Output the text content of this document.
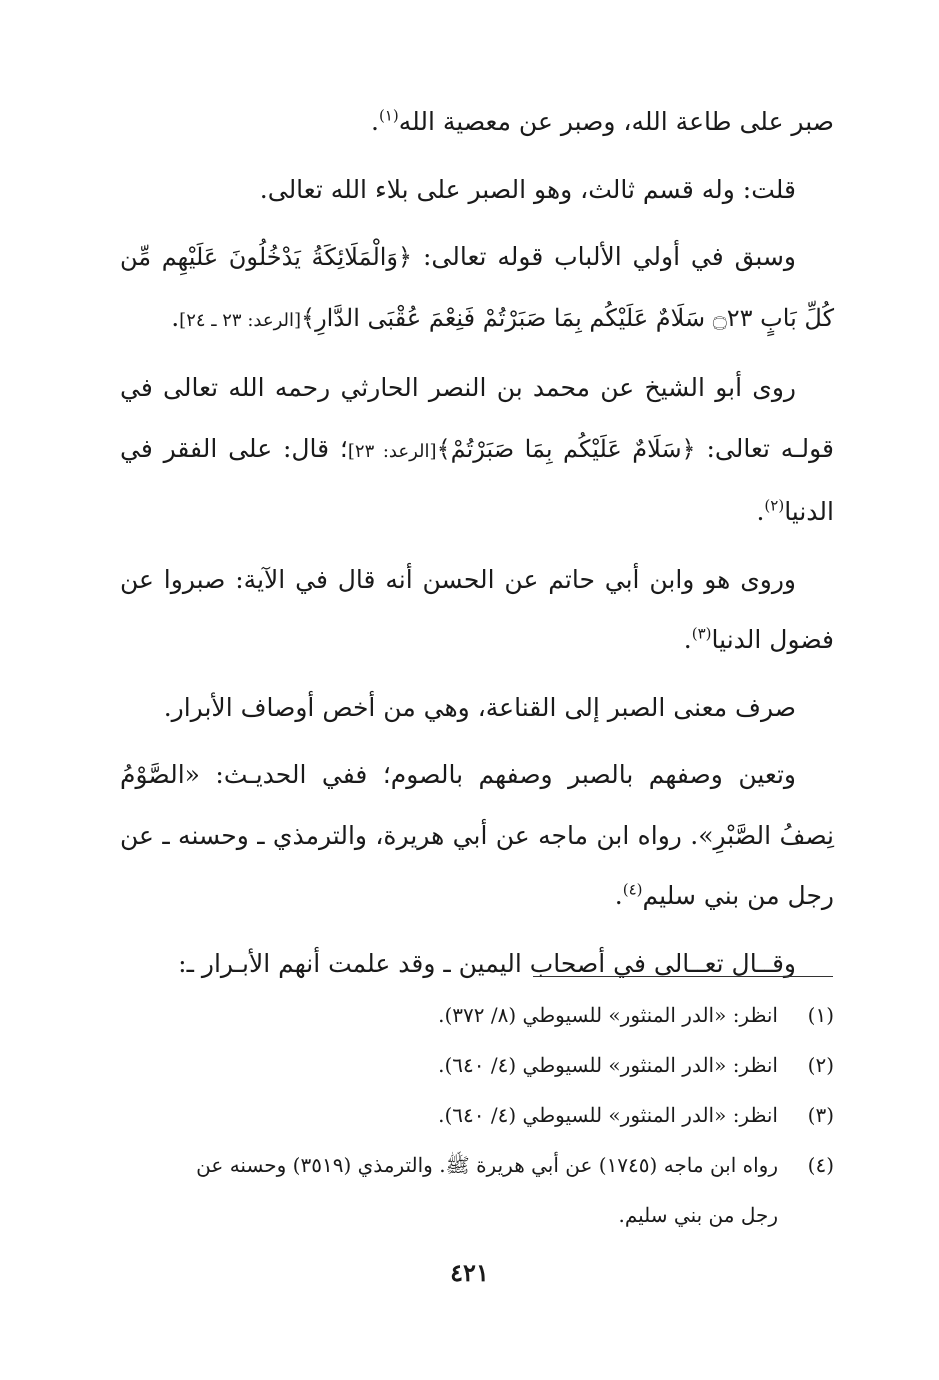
صبر على طاعة الله، وصبر عن معصية الله$^{(١)}$.

قلت: وله قسم ثالث، وهو الصبر على بلاء الله تعالى.

وسبق في أولي الألباب قوله تعالى: ﴿وَالْمَلَائِكَةُ يَدْخُلُونَ عَلَيْهِم مِّن كُلِّ بَابٍ ۝٢٣ سَلَامٌ عَلَيْكُم بِمَا صَبَرْتُمْ فَنِعْمَ عُقْبَى الدَّارِ﴾[الرعد: ٢٣ ـ ٢٤].

روى أبو الشيخ عن محمد بن النصر الحارثي رحمه الله تعالى في قولـه تعالى: ﴿سَلَامٌ عَلَيْكُم بِمَا صَبَرْتُمْ﴾[الرعد: ٢٣]؛ قال: على الفقر في الدنيا$^{(٢)}$.

وروى هو وابن أبي حاتم عن الحسن أنه قال في الآية: صبروا عن فضول الدنيا$^{(٣)}$.

صرف معنى الصبر إلى القناعة، وهي من أخص أوصاف الأبرار.

وتعين وصفهم بالصبر وصفهم بالصوم؛ ففي الحديـث: «الصَّوْمُ نِصفُ الصَّبْرِ». رواه ابن ماجه عن أبي هريرة، والترمذي ـ وحسنه ـ عن رجل من بني سليم$^{(٤)}$.

وقــال تعــالى في أصحاب اليمين ـ وقد علمت أنهم الأبـرار ـ:

(١)
انظر: «الدر المنثور» للسيوطي (٨/ ٣٧٢).
(٢)
انظر: «الدر المنثور» للسيوطي (٤/ ٦٤٠).
(٣)
انظر: «الدر المنثور» للسيوطي (٤/ ٦٤٠).
(٤)
رواه ابن ماجه (١٧٤٥) عن أبي هريرة ﷺ. والترمذي (٣٥١٩) وحسنه عن
رجل من بني سليم.
٤٢١
